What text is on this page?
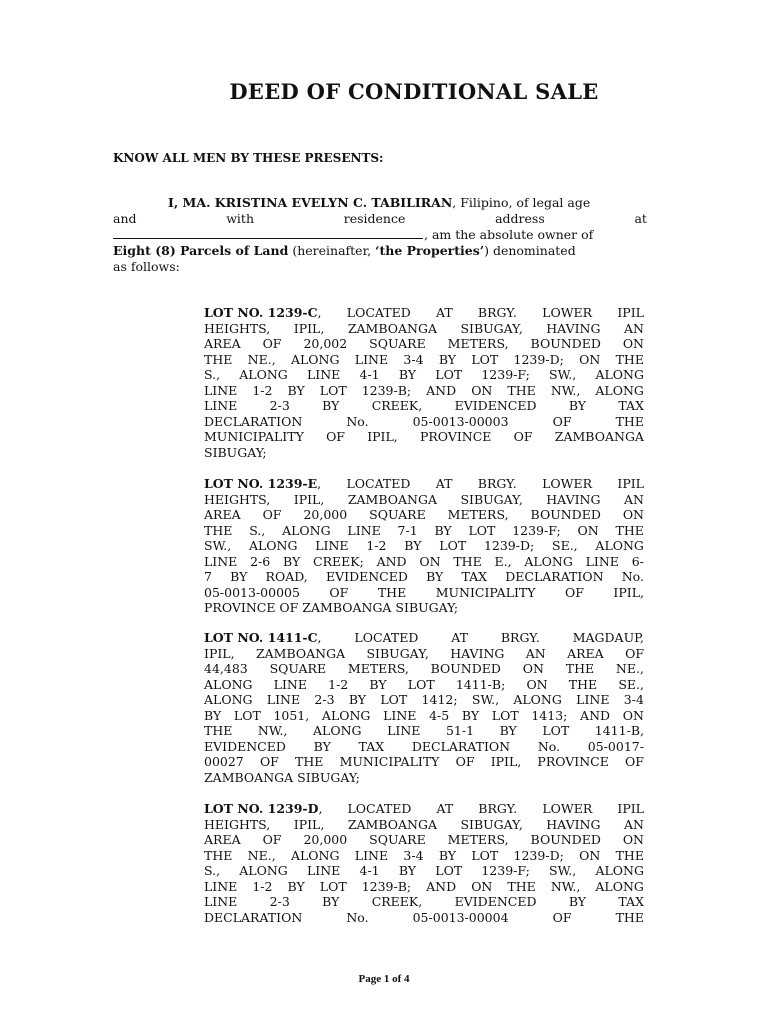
DEED OF CONDITIONAL SALE
KNOW ALL MEN BY THESE PRESENTS:
I, MA. KRISTINA EVELYN C. TABILIRAN, Filipino, of legal age
and	with	residence	address	at
, am the absolute owner of
Eight (8) Parcels of Land (hereinafter, ‘the Properties’) denominated
as follows:
LOT NO. 1239-C, LOCATED AT BRGY. LOWER IPIL
HEIGHTS, IPIL, ZAMBOANGA SIBUGAY, HAVING AN
AREA OF 20,002 SQUARE METERS, BOUNDED ON
THE NE., ALONG LINE 3-4 BY LOT 1239-D; ON THE
S., ALONG LINE 4-1 BY LOT 1239-F; SW., ALONG
LINE 1-2 BY LOT 1239-B; AND ON THE NW., ALONG
LINE	2-3	BY	CREEK,	EVIDENCED	BY	TAX
DECLARATION	No.	05-0013-00003	OF	THE
MUNICIPALITY OF IPIL, PROVINCE OF ZAMBOANGA
SIBUGAY;
LOT NO. 1239-E, LOCATED AT BRGY. LOWER IPIL
HEIGHTS, IPIL, ZAMBOANGA SIBUGAY, HAVING AN
AREA OF 20,000 SQUARE METERS, BOUNDED ON
THE S., ALONG LINE 7-1 BY LOT 1239-F; ON THE
SW., ALONG LINE 1-2 BY LOT 1239-D; SE., ALONG
LINE 2-6 BY CREEK; AND ON THE E., ALONG LINE 6-
7 BY ROAD, EVIDENCED BY TAX DECLARATION No.
05-0013-00005 OF THE MUNICIPALITY OF IPIL,
PROVINCE OF ZAMBOANGA SIBUGAY;
LOT NO. 1411-C,	LOCATED	AT	BRGY.	MAGDAUP,
IPIL, ZAMBOANGA SIBUGAY, HAVING AN AREA OF
44,483 SQUARE METERS, BOUNDED ON THE NE.,
ALONG LINE 1-2 BY LOT 1411-B; ON THE SE.,
ALONG LINE 2-3 BY LOT 1412; SW., ALONG LINE 3-4
BY LOT 1051, ALONG LINE 4-5 BY LOT 1413; AND ON
THE NW., ALONG LINE 51-1 BY LOT 1411-B,
EVIDENCED BY TAX DECLARATION No. 05-0017-
00027 OF THE MUNICIPALITY OF IPIL, PROVINCE OF
ZAMBOANGA SIBUGAY;
LOT NO. 1239-D, LOCATED AT BRGY. LOWER IPIL
HEIGHTS, IPIL, ZAMBOANGA SIBUGAY, HAVING AN
AREA OF 20,000 SQUARE METERS, BOUNDED ON
THE NE., ALONG LINE 3-4 BY LOT 1239-D; ON THE
S., ALONG LINE 4-1 BY LOT 1239-F; SW., ALONG
LINE 1-2 BY LOT 1239-B; AND ON THE NW., ALONG
LINE	2-3	BY	CREEK,	EVIDENCED	BY	TAX
DECLARATION	No.	05-0013-00004	OF	THE
Page 1 of 4
